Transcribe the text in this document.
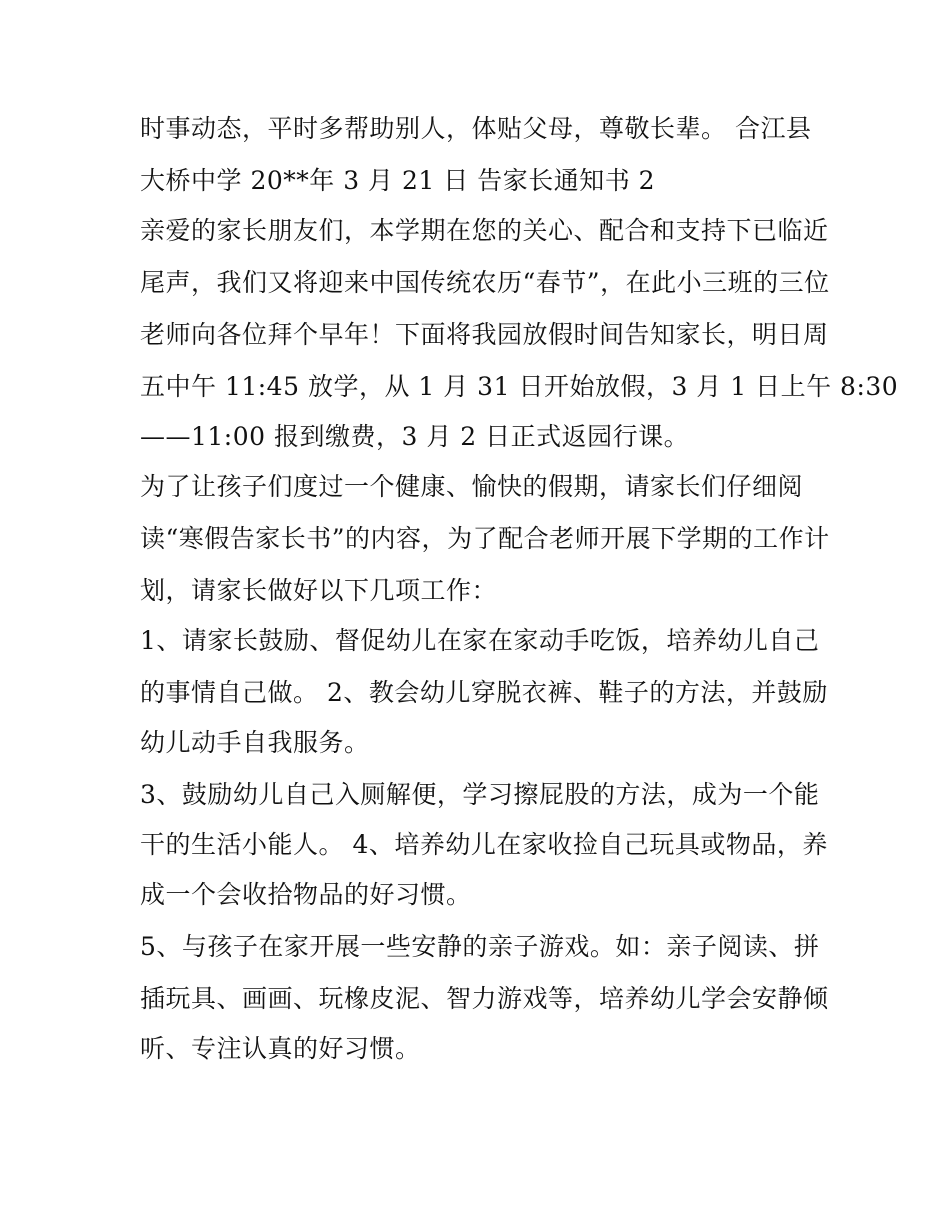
时事动态，平时多帮助别人，体贴父母，尊敬长辈。 合江县
大桥中学 20**年 3 月 21 日 告家长通知书 2
亲爱的家长朋友们，本学期在您的关心、配合和支持下已临近
尾声，我们又将迎来中国传统农历“春节”，在此小三班的三位
老师向各位拜个早年！下面将我园放假时间告知家长，明日周
五中午 11:45 放学，从 1 月 31 日开始放假，3 月 1 日上午 8:30
——11:00 报到缴费，3 月 2 日正式返园行课。
为了让孩子们度过一个健康、愉快的假期，请家长们仔细阅
读“寒假告家长书”的内容，为了配合老师开展下学期的工作计
划，请家长做好以下几项工作：
1、请家长鼓励、督促幼儿在家在家动手吃饭，培养幼儿自己
的事情自己做。 2、教会幼儿穿脱衣裤、鞋子的方法，并鼓励
幼儿动手自我服务。
3、鼓励幼儿自己入厕解便，学习擦屁股的方法，成为一个能
干的生活小能人。 4、培养幼儿在家收捡自己玩具或物品，养
成一个会收拾物品的好习惯。
5、与孩子在家开展一些安静的亲子游戏。如：亲子阅读、拼
插玩具、画画、玩橡皮泥、智力游戏等，培养幼儿学会安静倾
听、专注认真的好习惯。
